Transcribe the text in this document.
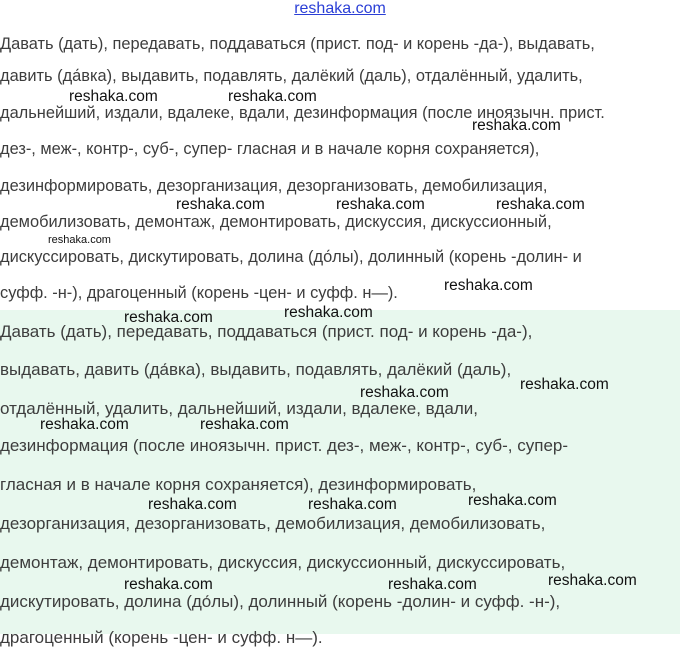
reshaka.com
Давать (дать), передавать, поддаваться (прист. под- и корень -да-), выдавать,
давить (да́вка), выдавить, подавлять, далёкий (даль), отдалённый, удалить,
дальнейший, издали, вдалеке, вдали, дезинформация (после иноязычн. прист.
дез-, меж-, контр-, суб-, супер- гласная и в начале корня сохраняется),
дезинформировать, дезорганизация, дезорганизовать, демобилизация,
демобилизовать, демонтаж, демонтировать, дискуссия, дискуссионный,
дискуссировать, дискутировать, долина (до́лы), долинный (корень -долин- и
суфф. -н-), драгоценный (корень -цен- и суфф. н—).
Давать (дать), передавать, поддаваться (прист. под- и корень -да-),
выдавать, давить (да́вка), выдавить, подавлять, далёкий (даль),
отдалённый, удалить, дальнейший, издали, вдалеке, вдали,
дезинформация (после иноязычн. прист. дез-, меж-, контр-, суб-, супер-
гласная и в начале корня сохраняется), дезинформировать,
дезорганизация, дезорганизовать, демобилизация, демобилизовать,
демонтаж, демонтировать, дискуссия, дискуссионный, дискуссировать,
дискутировать, долина (до́лы), долинный (корень -долин- и суфф. -н-),
драгоценный (корень -цен- и суфф. н—).
reshaka.com	reshaka.com
reshaka.com
reshaka.com	reshaka.com	reshaka.com
reshaka.com
reshaka.com
reshaka.com	reshaka.com
reshaka.com	reshaka.com
reshaka.com	reshaka.com
reshaka.com	reshaka.com	reshaka.com
reshaka.com	reshaka.com	reshaka.com
